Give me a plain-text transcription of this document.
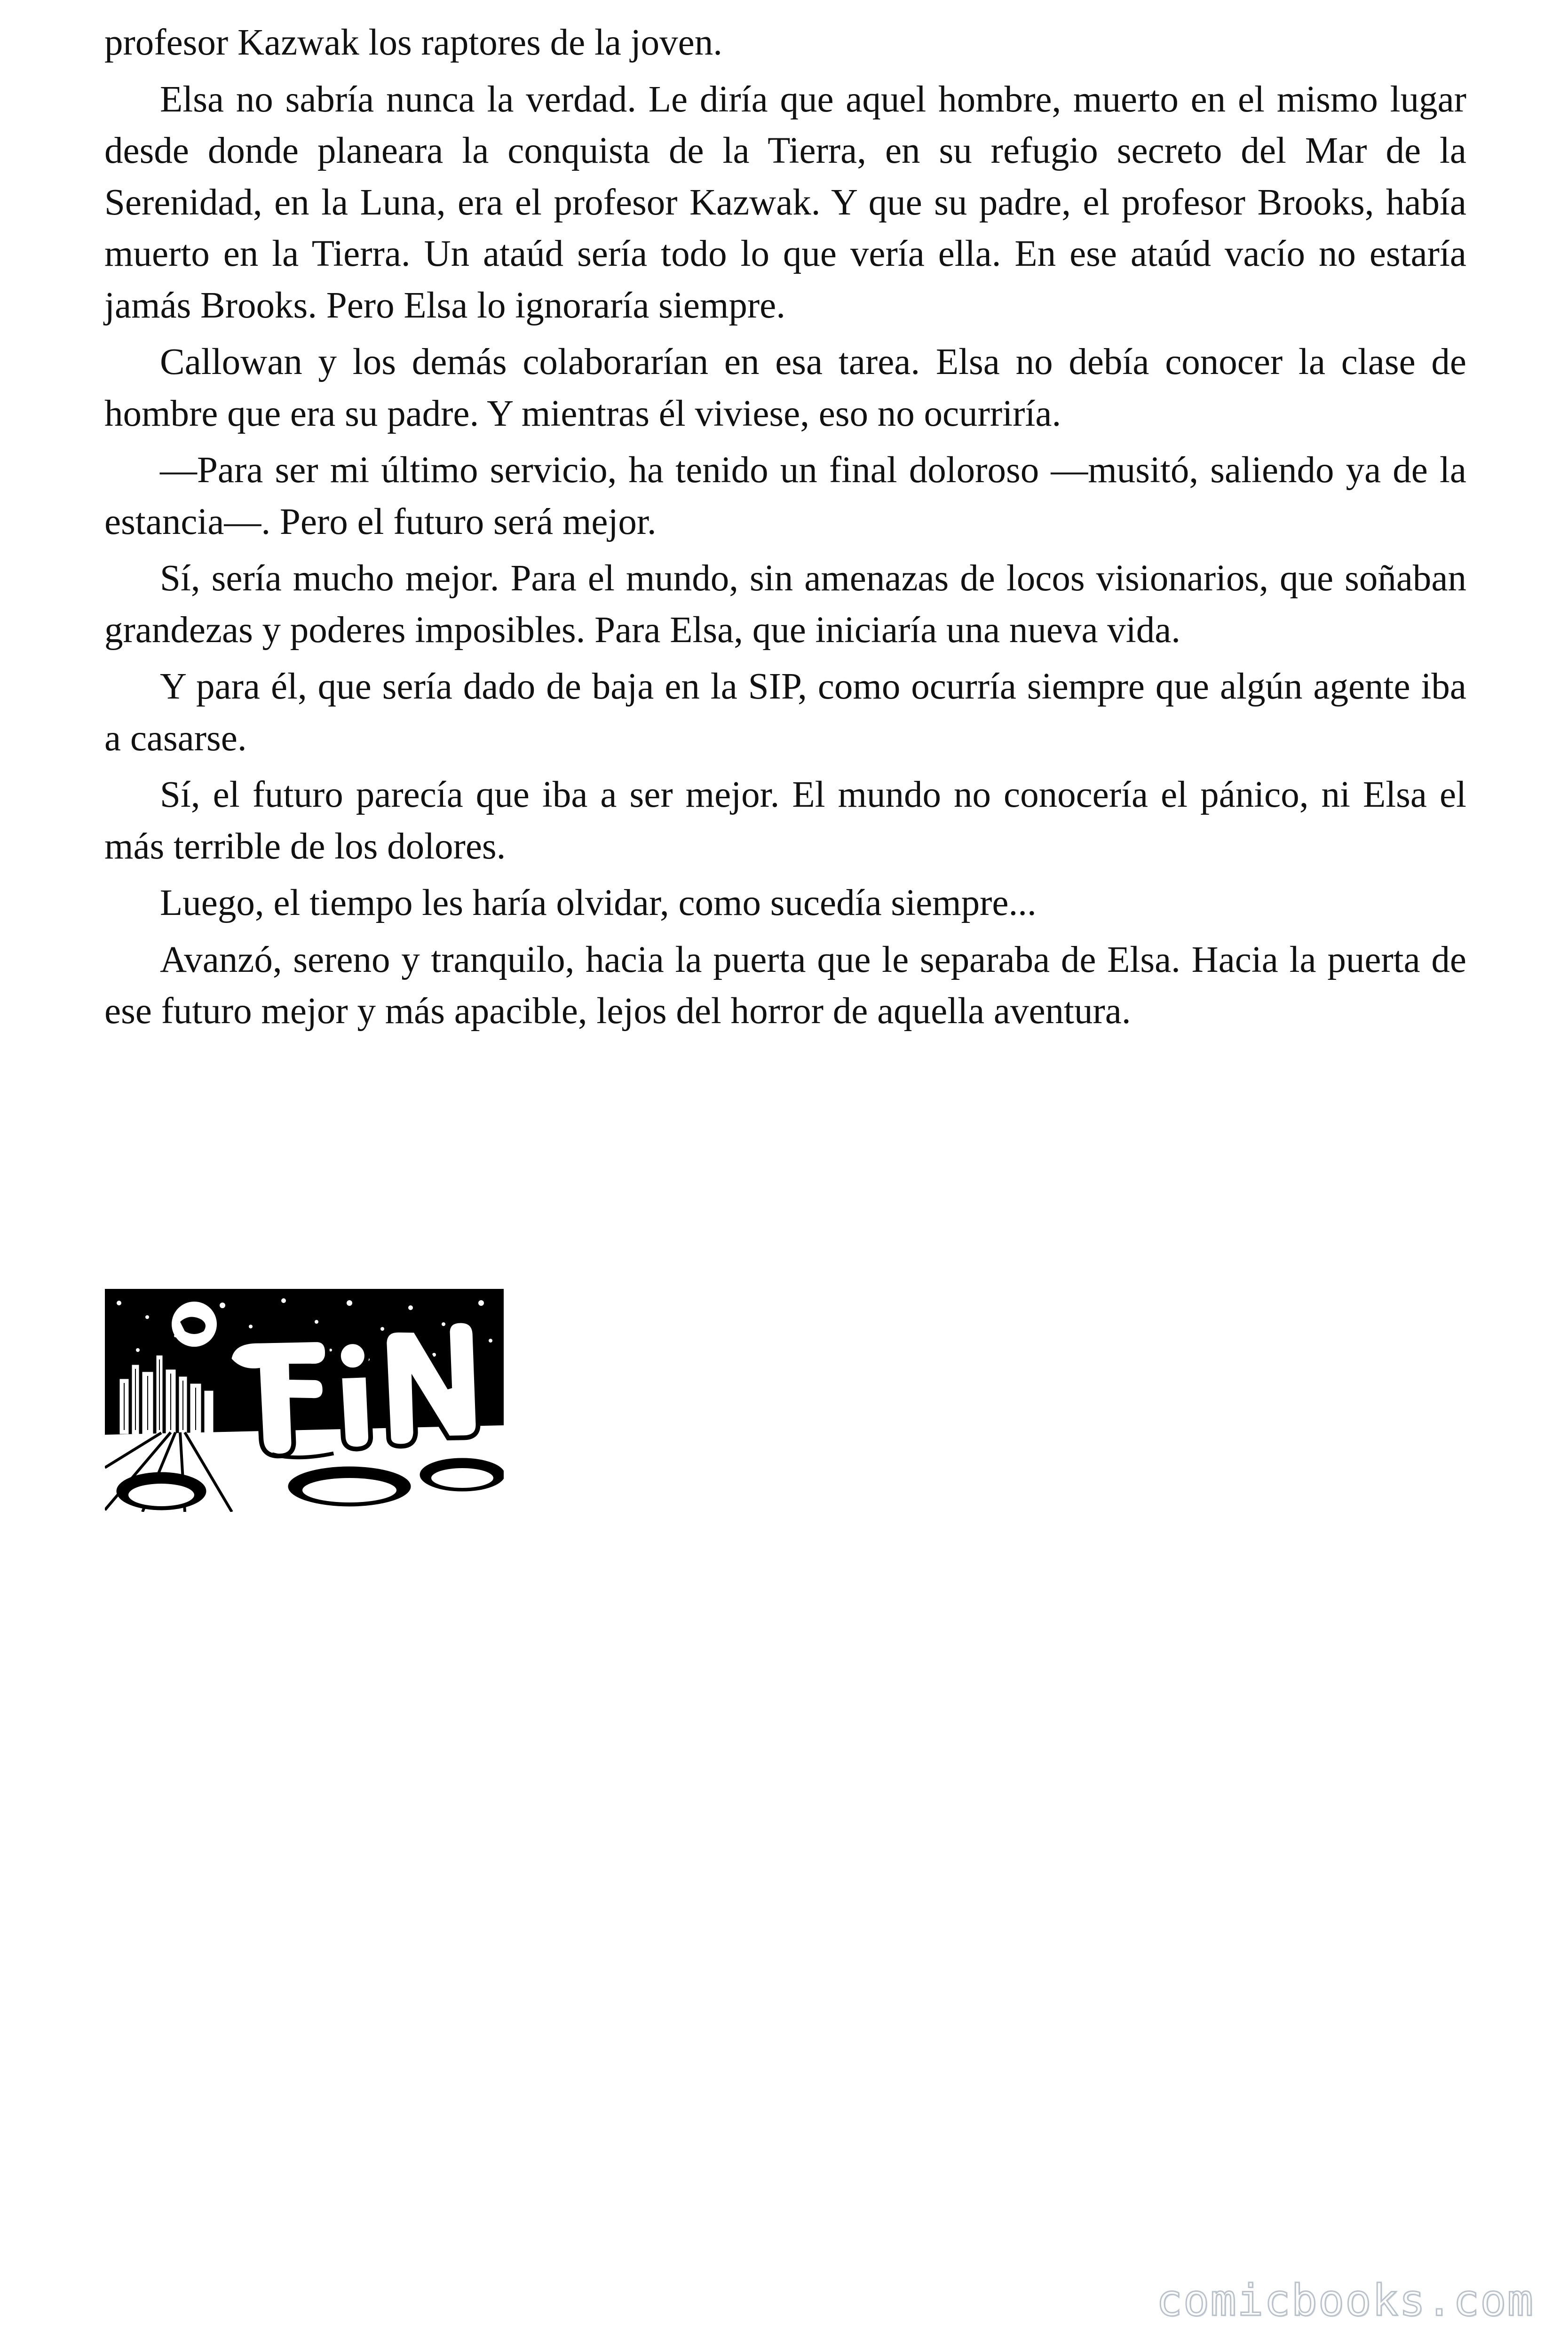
profesor Kazwak los raptores de la joven.

Elsa no sabría nunca la verdad. Le diría que aquel hombre, muerto en el mismo lugar desde donde planeara la conquista de la Tierra, en su refugio secreto del Mar de la Serenidad, en la Luna, era el profesor Kazwak. Y que su padre, el profesor Brooks, había muerto en la Tierra. Un ataúd sería todo lo que vería ella. En ese ataúd vacío no estaría jamás Brooks. Pero Elsa lo ignoraría siempre.

Callowan y los demás colaborarían en esa tarea. Elsa no debía conocer la clase de hombre que era su padre. Y mientras él viviese, eso no ocurriría.

—Para ser mi último servicio, ha tenido un final doloroso —musitó, saliendo ya de la estancia—. Pero el futuro será mejor.

Sí, sería mucho mejor. Para el mundo, sin amenazas de locos visionarios, que soñaban grandezas y poderes imposibles. Para Elsa, que iniciaría una nueva vida.

Y para él, que sería dado de baja en la SIP, como ocurría siempre que algún agente iba a casarse.

Sí, el futuro parecía que iba a ser mejor. El mundo no conocería el pánico, ni Elsa el más terrible de los dolores.

Luego, el tiempo les haría olvidar, como sucedía siempre...

Avanzó, sereno y tranquilo, hacia la puerta que le separaba de Elsa. Hacia la puerta de ese futuro mejor y más apacible, lejos del horror de aquella aventura.

comicbooks.com
